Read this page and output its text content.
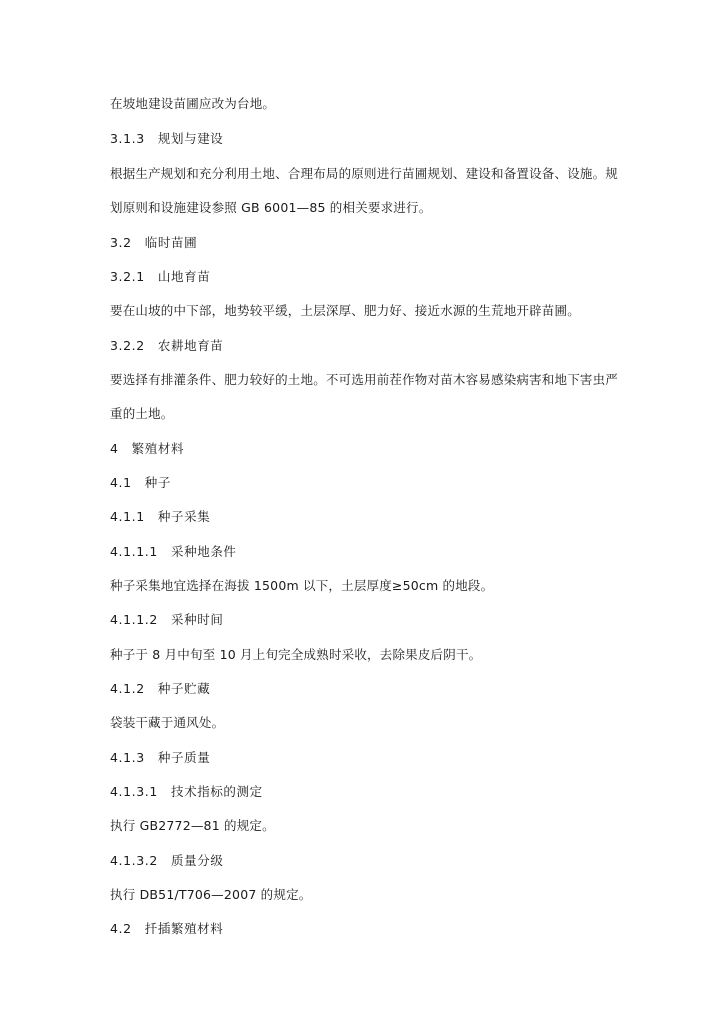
在坡地建设苗圃应改为台地。
3.1.3　规划与建设
根据生产规划和充分利用土地、合理布局的原则进行苗圃规划、建设和备置设备、设施。规
划原则和设施建设参照 GB 6001—85 的相关要求进行。
3.2　临时苗圃
3.2.1　山地育苗
要在山坡的中下部，地势较平缓，土层深厚、肥力好、接近水源的生荒地开辟苗圃。
3.2.2　农耕地育苗
要选择有排灌条件、肥力较好的土地。不可选用前茬作物对苗木容易感染病害和地下害虫严
重的土地。
4　繁殖材料
4.1　种子
4.1.1　种子采集
4.1.1.1　采种地条件
种子采集地宜选择在海拔 1500m 以下，土层厚度≥50cm 的地段。
4.1.1.2　采种时间
种子于 8 月中旬至 10 月上旬完全成熟时采收，去除果皮后阴干。
4.1.2　种子贮藏
袋装干藏于通风处。
4.1.3　种子质量
4.1.3.1　技术指标的测定
执行 GB2772—81 的规定。
4.1.3.2　质量分级
执行 DB51/T706—2007 的规定。
4.2　扦插繁殖材料
